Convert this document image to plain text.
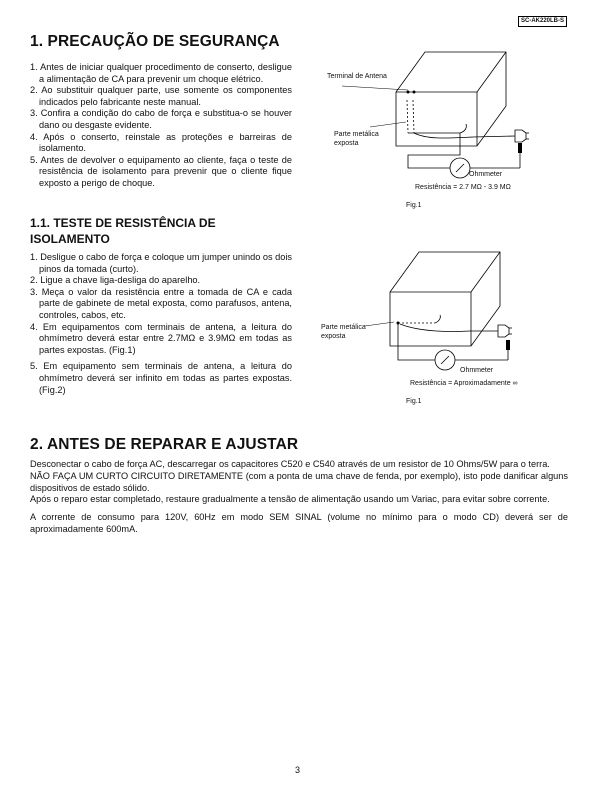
SC-AK220LB-S
1. PRECAUÇÃO DE SEGURANÇA
1. Antes de iniciar qualquer procedimento de conserto, desligue a alimentação de CA para prevenir um choque elétrico.
2. Ao substituir qualquer parte, use somente os componentes indicados pelo fabricante neste manual.
3. Confira a condição do cabo de força e substitua-o se houver dano ou desgaste evidente.
4. Após o conserto, reinstale as proteções e barreiras de isolamento.
5. Antes de devolver o equipamento ao cliente, faça o teste de resistência de isolamento para prevenir que o cliente fique exposto a perigo de choque.
1.1. TESTE DE RESISTÊNCIA DE
ISOLAMENTO
1. Desligue o cabo de força e coloque um jumper unindo os dois pinos da tomada (curto).
2. Ligue a chave liga-desliga do aparelho.
3. Meça o valor da resistência entre a tomada de CA e cada parte de gabinete de metal exposta, como parafusos, antena, controles, cabos, etc.
4. Em equipamentos com terminais de antena, a leitura do ohmímetro deverá estar entre 2.7MΩ e 3.9MΩ em todas as partes expostas. (Fig.1)
5. Em equipamento sem terminais de antena, a leitura do ohmímetro deverá ser infinito em todas as partes expostas. (Fig.2)
Terminal de Antena
Parte metálica
exposta
Ohmmeter
Resistência = 2.7 MΩ - 3.9 MΩ
Fig.1
Parte metálica
exposta
Ohmmeter
Resistência = Aproximadamente ∞
Fig.1
2. ANTES DE REPARAR E AJUSTAR

Desconectar o cabo de força AC, descarregar os capacitores C520 e C540 através de um resistor de 10 Ohms/5W para o terra.

NÃO FAÇA UM CURTO CIRCUITO DIRETAMENTE (com a ponta de uma chave de fenda, por exemplo), isto pode danificar alguns dispositivos de estado sólido.

Após o reparo estar completado, restaure gradualmente a tensão de alimentação usando um Variac, para evitar sobre corrente.

A corrente de consumo para 120V, 60Hz em modo SEM SINAL (volume no mínimo para o modo CD) deverá ser de aproximadamente 600mA.

3
